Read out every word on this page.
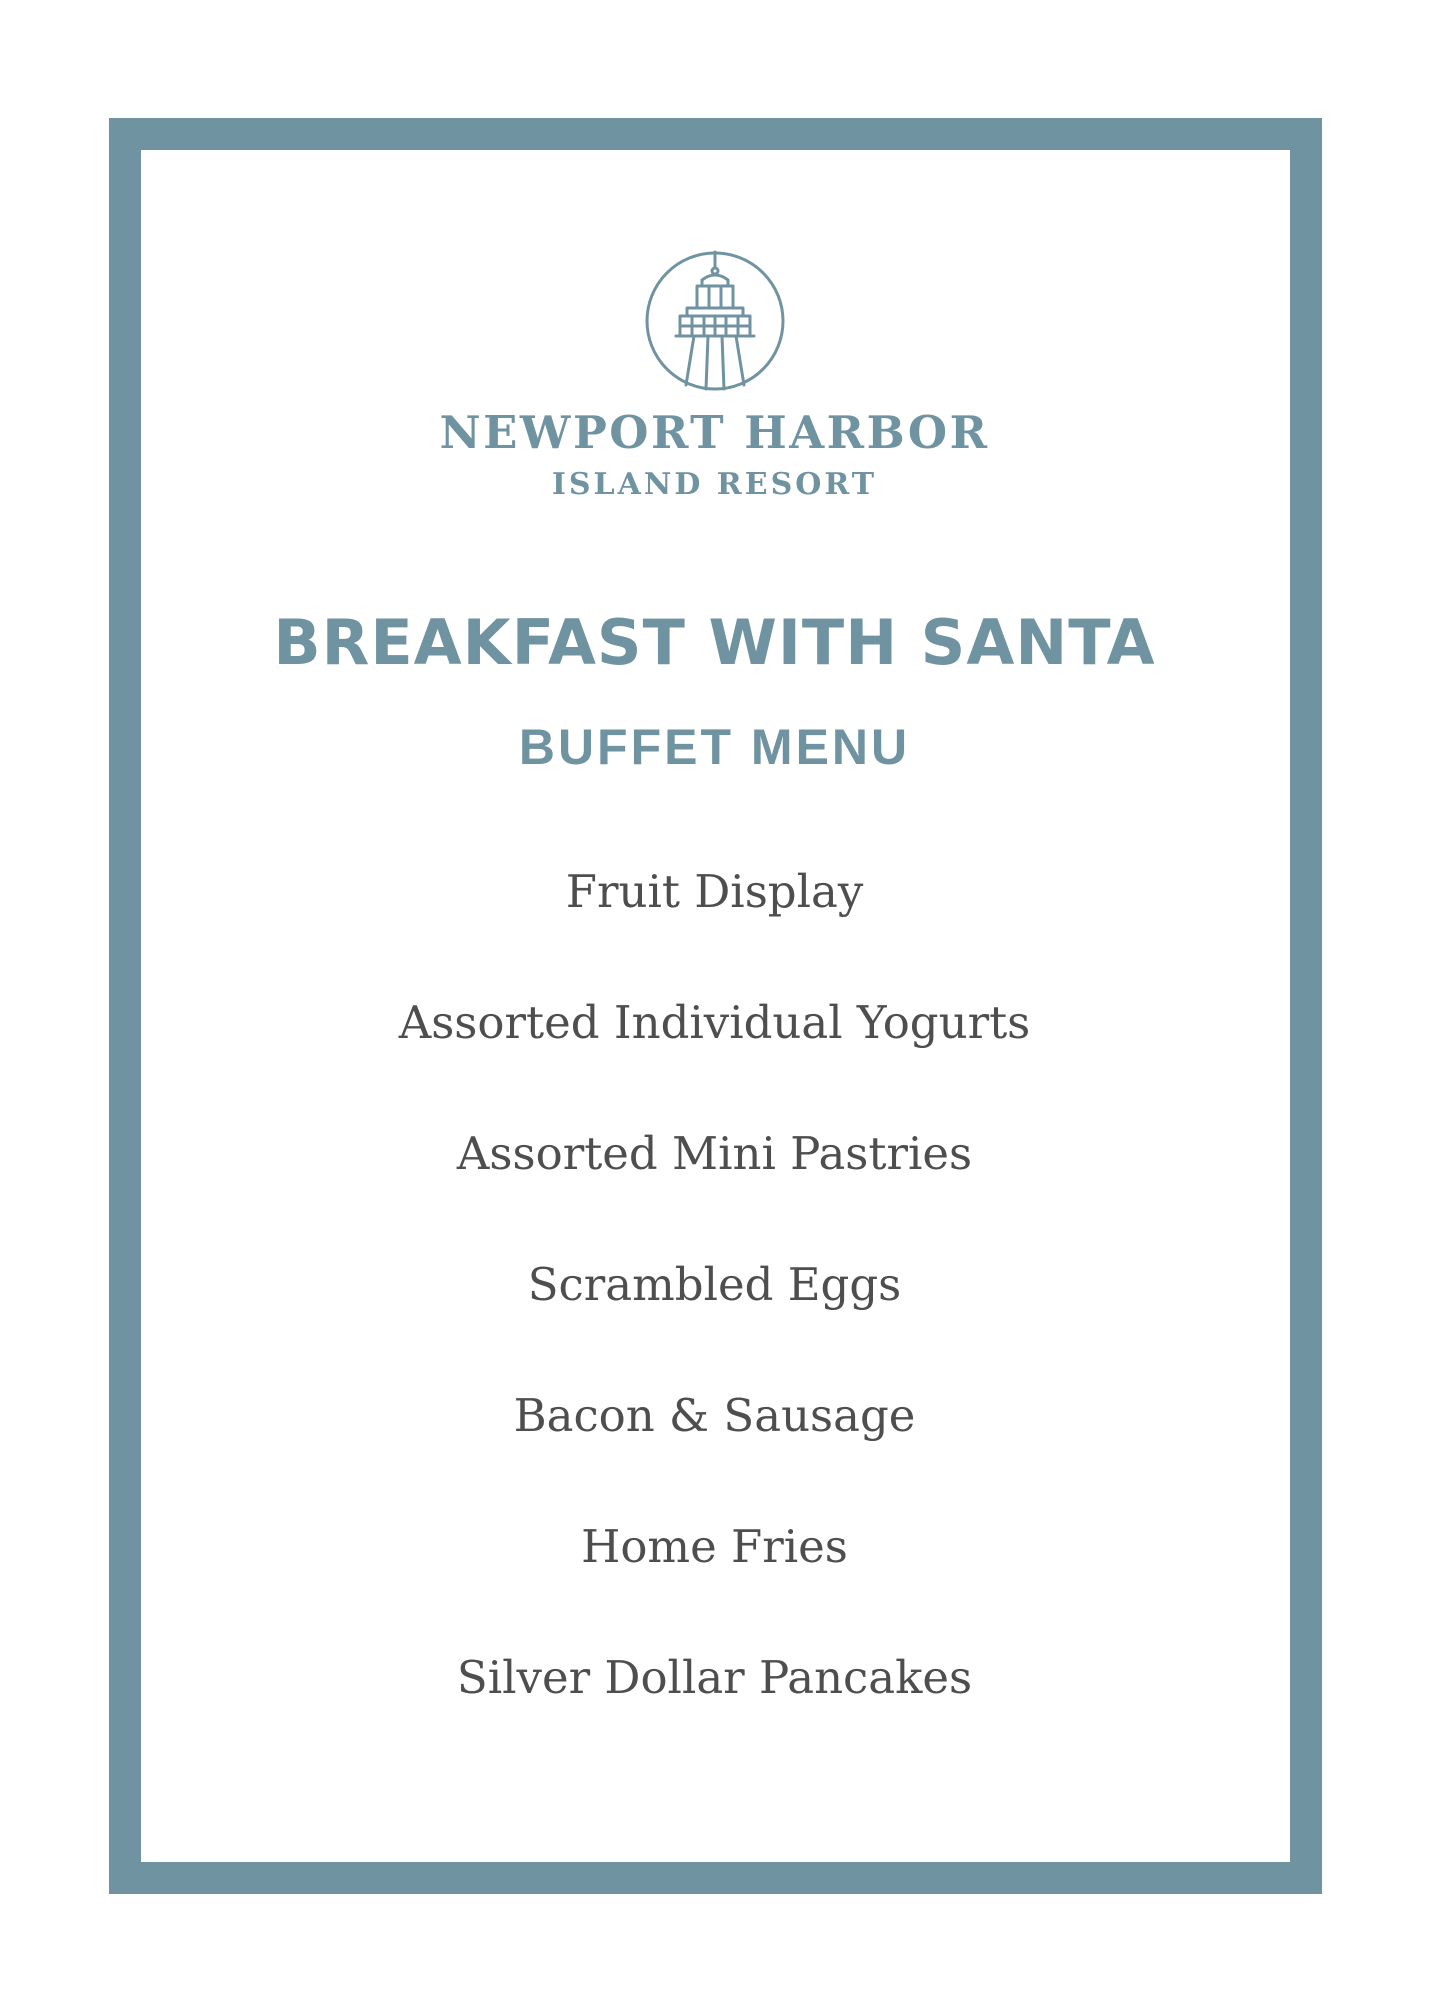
NEWPORT HARBOR
ISLAND RESORT
BREAKFAST WITH SANTA
BUFFET MENU
Fruit Display
Assorted Individual Yogurts
Assorted Mini Pastries
Scrambled Eggs
Bacon & Sausage
Home Fries
Silver Dollar Pancakes
